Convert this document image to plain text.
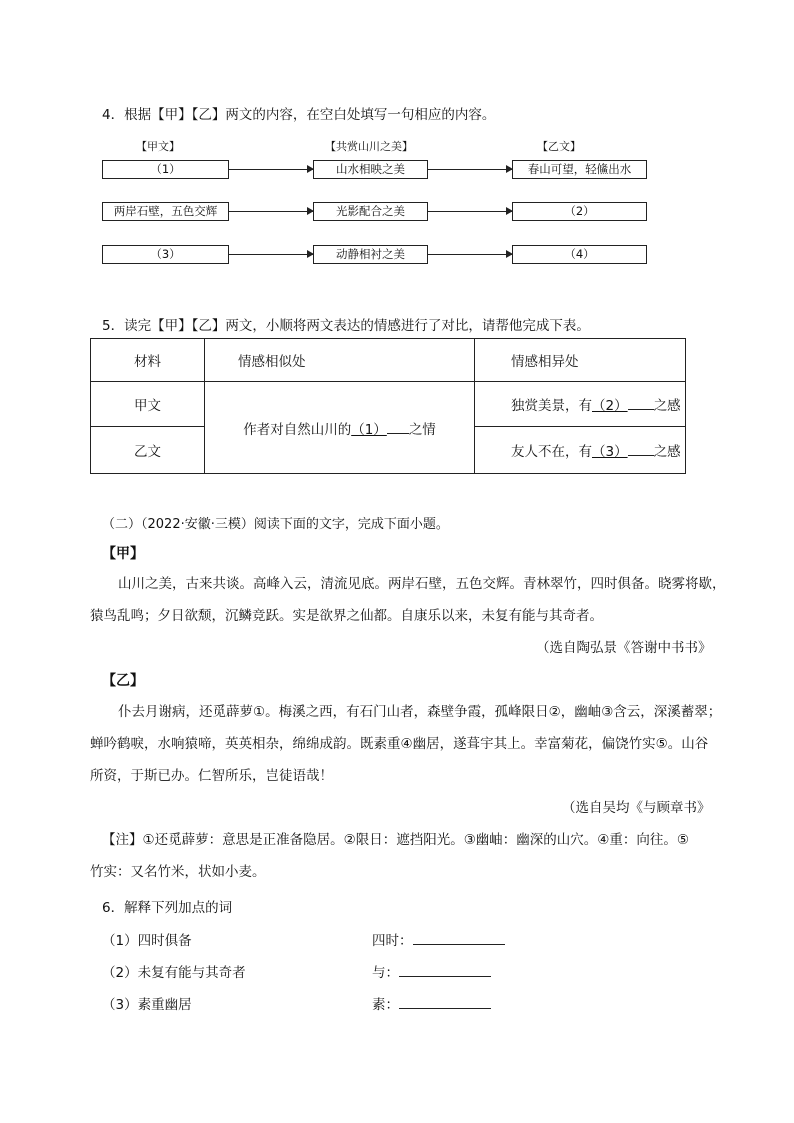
4．根据【甲】【乙】两文的内容，在空白处填写一句相应的内容。
【甲文】	【共赏山川之美】	【乙文】
（1）	山水相映之美	春山可望，轻鯈出水
两岸石壁，五色交辉	光影配合之美	（2）
（3）	动静相衬之美	（4）
5．读完【甲】【乙】两文，小顺将两文表达的情感进行了对比，请帮他完成下表。
材料	情感相似处	情感相异处
甲文	作者对自然山川的（1） 之情	独赏美景，有（2） 之感
乙文		友人不在，有（3） 之感
（二）（2022·安徽·三模）阅读下面的文字，完成下面小题。
【甲】
山川之美，古来共谈。高峰入云，清流见底。两岸石壁，五色交辉。青林翠竹，四时俱备。晓雾将歇，
猿鸟乱鸣；夕日欲颓，沉鳞竞跃。实是欲界之仙都。自康乐以来，未复有能与其奇者。
（选自陶弘景《答谢中书书》
【乙】
仆去月谢病，还觅薜萝①。梅溪之西，有石门山者，森壁争霞，孤峰限日②，幽岫③含云，深溪蓄翠；
蝉吟鹤唳，水响猿啼，英英相杂，绵绵成韵。既素重④幽居，遂葺宇其上。幸富菊花，偏饶竹实⑤。山谷
所资，于斯已办。仁智所乐，岂徒语哉！
（选自吴均《与顾章书》
【注】①还觅薜萝：意思是正准备隐居。②限日：遮挡阳光。③幽岫：幽深的山穴。④重：向往。⑤
竹实：又名竹米，状如小麦。
6．解释下列加点的词
（1）四时俱备	四时：
（2）未复有能与其奇者	与：
（3）素重幽居	素：
